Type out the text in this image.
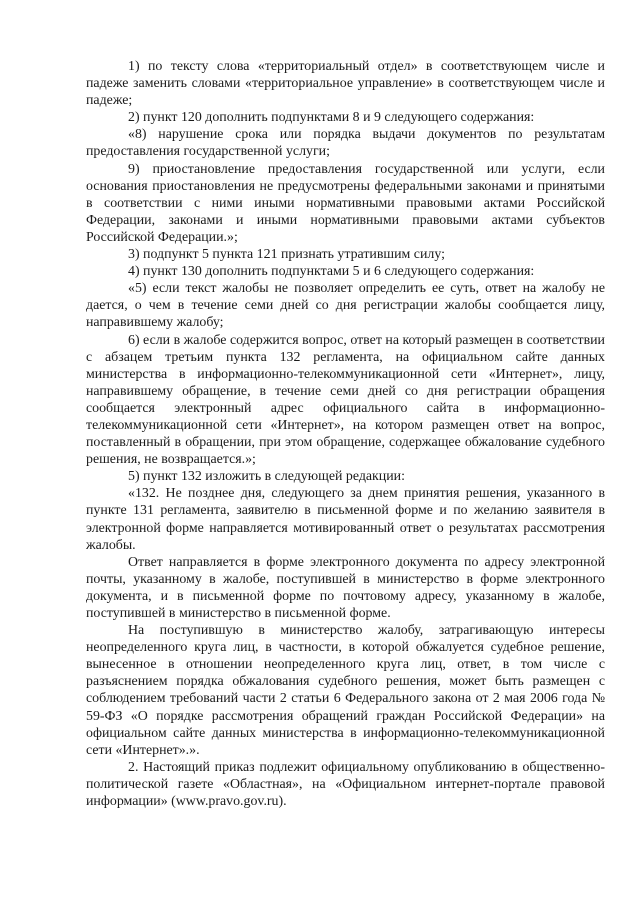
1) по тексту слова «территориальный отдел» в соответствующем числе и падеже заменить словами «территориальное управление» в соответствующем числе и падеже;

2) пункт 120 дополнить подпунктами 8 и 9 следующего содержания:

«8) нарушение срока или порядка выдачи документов по результатам предоставления государственной услуги;

9) приостановление предоставления государственной или услуги, если основания приостановления не предусмотрены федеральными законами и принятыми в соответствии с ними иными нормативными правовыми актами Российской Федерации, законами и иными нормативными правовыми актами субъектов Российской Федерации.»;

3) подпункт 5 пункта 121 признать утратившим силу;

4) пункт 130 дополнить подпунктами 5 и 6 следующего содержания:

«5) если текст жалобы не позволяет определить ее суть, ответ на жалобу не дается, о чем в течение семи дней со дня регистрации жалобы сообщается лицу, направившему жалобу;

6) если в жалобе содержится вопрос, ответ на который размещен в соответствии с абзацем третьим пункта 132 регламента, на официальном сайте данных министерства в информационно-телекоммуникационной сети «Интернет», лицу, направившему обращение, в течение семи дней со дня регистрации обращения сообщается электронный адрес официального сайта в информационно-телекоммуникационной сети «Интернет», на котором размещен ответ на вопрос, поставленный в обращении, при этом обращение, содержащее обжалование судебного решения, не возвращается.»;

5) пункт 132 изложить в следующей редакции:

«132. Не позднее дня, следующего за днем принятия решения, указанного в пункте 131 регламента, заявителю в письменной форме и по желанию заявителя в электронной форме направляется мотивированный ответ о результатах рассмотрения жалобы.

Ответ направляется в форме электронного документа по адресу электронной почты, указанному в жалобе, поступившей в министерство в форме электронного документа, и в письменной форме по почтовому адресу, указанному в жалобе, поступившей в министерство в письменной форме.

На поступившую в министерство жалобу, затрагивающую интересы неопределенного круга лиц, в частности, в которой обжалуется судебное решение, вынесенное в отношении неопределенного круга лиц, ответ, в том числе с разъяснением порядка обжалования судебного решения, может быть размещен с соблюдением требований части 2 статьи 6 Федерального закона от 2 мая 2006 года № 59-ФЗ «О порядке рассмотрения обращений граждан Российской Федерации» на официальном сайте данных министерства в информационно-телекоммуникационной сети «Интернет».».

2. Настоящий приказ подлежит официальному опубликованию в общественно-политической газете «Областная», на «Официальном интернет-портале правовой информации» (www.pravo.gov.ru).
